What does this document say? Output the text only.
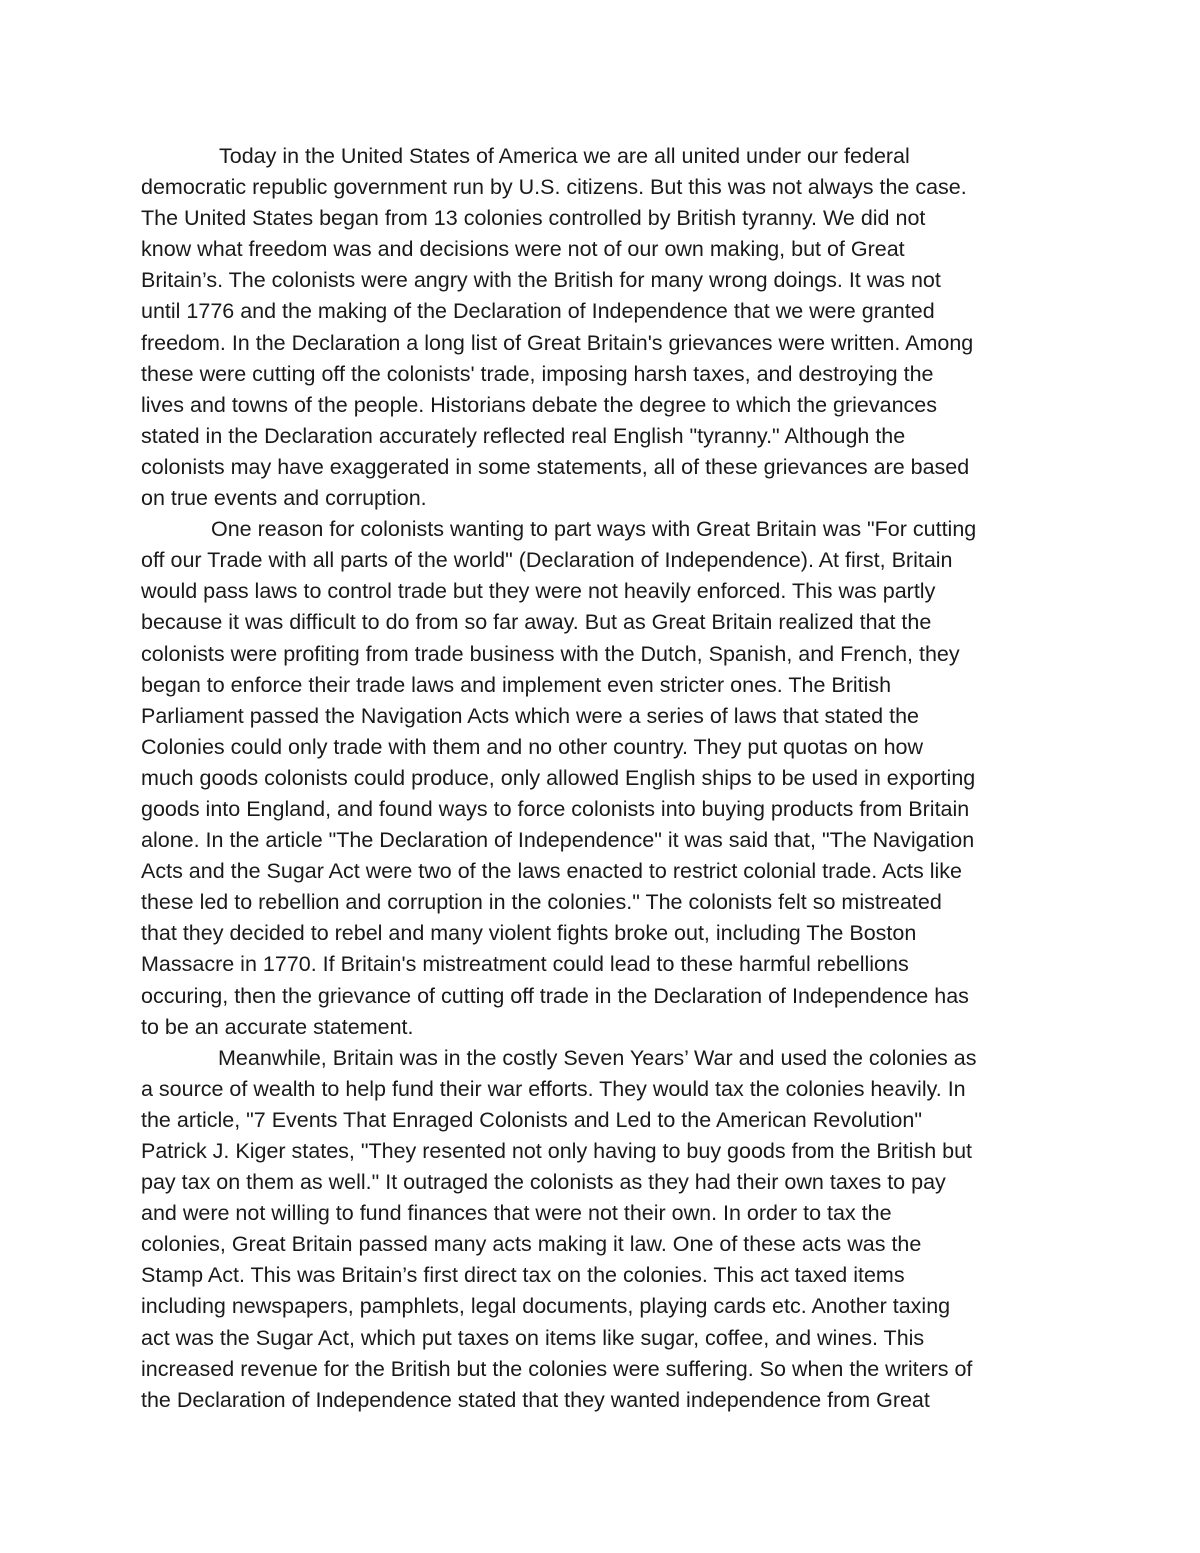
Today in the United States of America we are all united under our federal
democratic republic government run by U.S. citizens. But this was not always the case.
The United States began from 13 colonies controlled by British tyranny. We did not
know what freedom was and decisions were not of our own making, but of Great
Britain’s. The colonists were angry with the British for many wrong doings. It was not
until 1776 and the making of the Declaration of Independence that we were granted
freedom. In the Declaration a long list of Great Britain's grievances were written. Among
these were cutting off the colonists' trade, imposing harsh taxes, and destroying the
lives and towns of the people. Historians debate the degree to which the grievances
stated in the Declaration accurately reflected real English "tyranny." Although the
colonists may have exaggerated in some statements, all of these grievances are based
on true events and corruption.
One reason for colonists wanting to part ways with Great Britain was "For cutting
off our Trade with all parts of the world" (Declaration of Independence). At first, Britain
would pass laws to control trade but they were not heavily enforced. This was partly
because it was difficult to do from so far away. But as Great Britain realized that the
colonists were profiting from trade business with the Dutch, Spanish, and French, they
began to enforce their trade laws and implement even stricter ones. The British
Parliament passed the Navigation Acts which were a series of laws that stated the
Colonies could only trade with them and no other country. They put quotas on how
much goods colonists could produce, only allowed English ships to be used in exporting
goods into England, and found ways to force colonists into buying products from Britain
alone. In the article "The Declaration of Independence" it was said that, "The Navigation
Acts and the Sugar Act were two of the laws enacted to restrict colonial trade. Acts like
these led to rebellion and corruption in the colonies." The colonists felt so mistreated
that they decided to rebel and many violent fights broke out, including The Boston
Massacre in 1770. If Britain's mistreatment could lead to these harmful rebellions
occuring, then the grievance of cutting off trade in the Declaration of Independence has
to be an accurate statement.
Meanwhile, Britain was in the costly Seven Years’ War and used the colonies as
a source of wealth to help fund their war efforts. They would tax the colonies heavily. In
the article, "7 Events That Enraged Colonists and Led to the American Revolution"
Patrick J. Kiger states, "They resented not only having to buy goods from the British but
pay tax on them as well." It outraged the colonists as they had their own taxes to pay
and were not willing to fund finances that were not their own. In order to tax the
colonies, Great Britain passed many acts making it law. One of these acts was the
Stamp Act. This was Britain’s first direct tax on the colonies. This act taxed items
including newspapers, pamphlets, legal documents, playing cards etc. Another taxing
act was the Sugar Act, which put taxes on items like sugar, coffee, and wines. This
increased revenue for the British but the colonies were suffering. So when the writers of
the Declaration of Independence stated that they wanted independence from Great
